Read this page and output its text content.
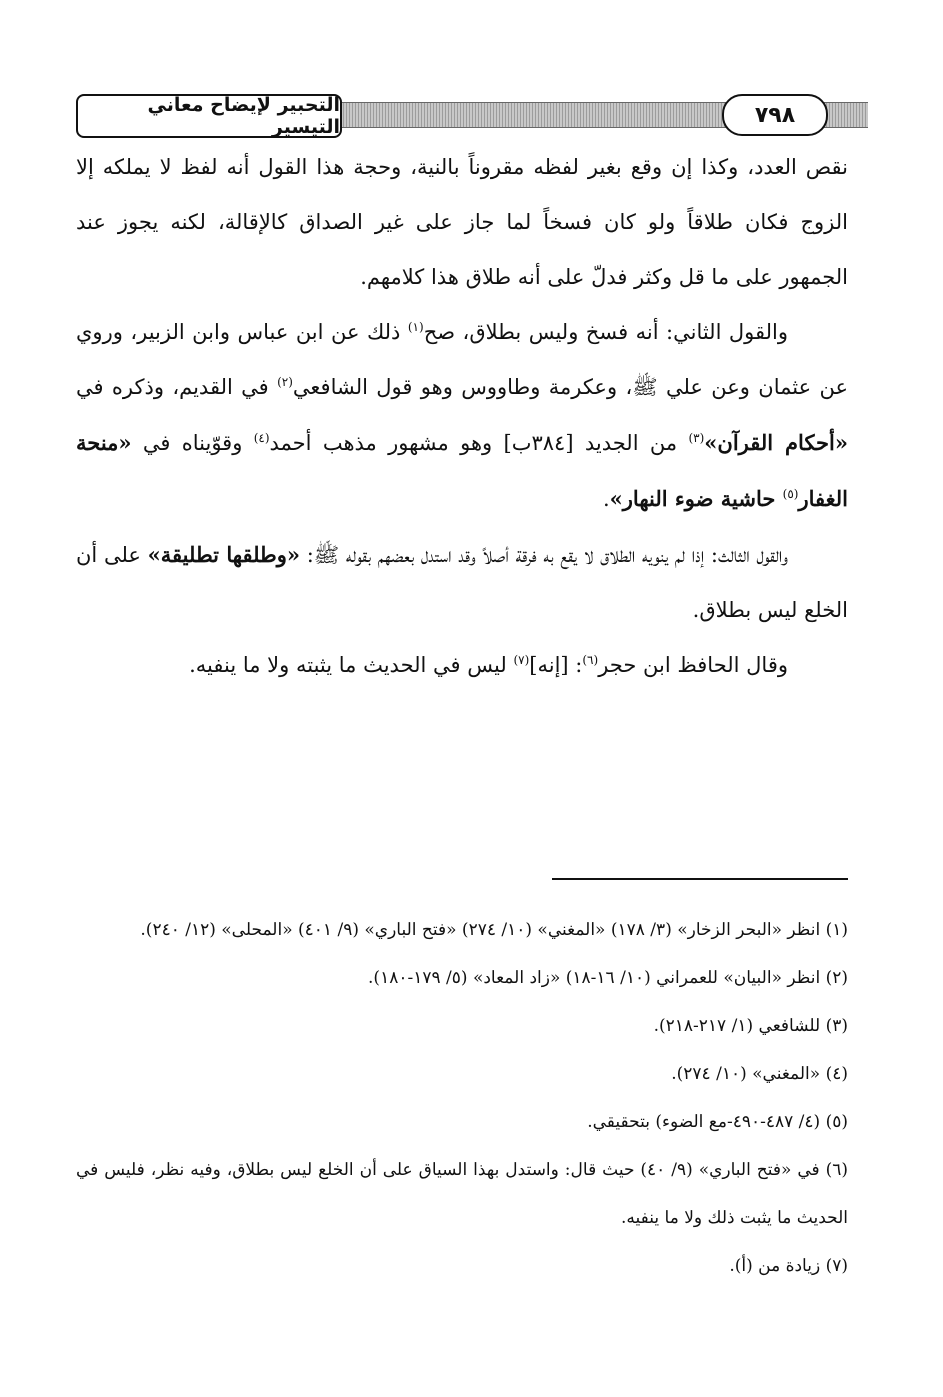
التحبير لإيضاح معاني التيسير	٧٩٨

نقص العدد، وكذا إن وقع بغير لفظه مقروناً بالنية، وحجة هذا القول أنه لفظ لا يملكه إلا الزوج فكان طلاقاً ولو كان فسخاً لما جاز على غير الصداق كالإقالة، لكنه يجوز عند الجمهور على ما قل وكثر فدلّ على أنه طلاق هذا كلامهم.

والقول الثاني: أنه فسخ وليس بطلاق، صح$^{(١)}$ ذلك عن ابن عباس وابن الزبير، وروي عن عثمان وعن علي ﷺ، وعكرمة وطاووس وهو قول الشافعي$^{(٢)}$ في القديم، وذكره في «أحكام القرآن»$^{(٣)}$ من الجديد [٣٨٤ب] وهو مشهور مذهب أحمد$^{(٤)}$ وقوّيناه في «منحة الغفار$^{(٥)}$ حاشية ضوء النهار».

والقول الثالث: إذا لم ينويه الطلاق لا يقع به فرقة أصلاً وقد استدل بعضهم بقوله ﷺ: «وطلقها تطليقة» على أن الخلع ليس بطلاق.

وقال الحافظ ابن حجر$^{(٦)}$: [إنه]$^{(٧)}$ ليس في الحديث ما يثبته ولا ما ينفيه.

(١) انظر «البحر الزخار» (٣/ ١٧٨) «المغني» (١٠/ ٢٧٤) «فتح الباري» (٩/ ٤٠١) «المحلى» (١٢/ ٢٤٠).

(٢) انظر «البيان» للعمراني (١٠/ ١٦-١٨) «زاد المعاد» (٥/ ١٧٩-١٨٠).

(٣) للشافعي (١/ ٢١٧-٢١٨).

(٤) «المغني» (١٠/ ٢٧٤).

(٥) (٤/ ٤٨٧-٤٩٠-مع الضوء) بتحقيقي.

(٦) في «فتح الباري» (٩/ ٤٠) حيث قال: واستدل بهذا السياق على أن الخلع ليس بطلاق، وفيه نظر، فليس في الحديث ما يثبت ذلك ولا ما ينفيه.

(٧) زيادة من (أ).
